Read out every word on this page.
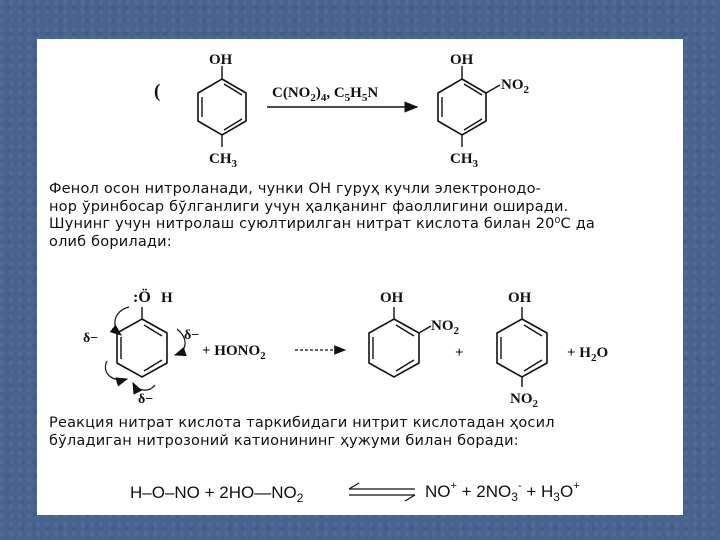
(
OH
$CH_3$
$C(NO_2)_4$, $C_5H_5N$
OH
$NO_2$
$CH_3$
:Ö H
δ−
δ−
δ−
+ $HONO_2$
OH
$NO_2$
+
OH
$NO_2$
+ $H_2O$
$H-O-NO + 2HO—NO_2$	$NO^+ + 2NO_3^- + H_3O^+$
Фенол осон нитроланади, чунки ОН гуруҳ кучли электронодо-
нор ўринбосар бўлганлиги учун ҳалқанинг фаоллигини оширади.
Шунинг учун нитролаш суюлтирилган нитрат кислота билан 20⁰С да
олиб борилади:
Реакция нитрат кислота таркибидаги нитрит кислотадан ҳосил
бўладиган нитрозоний катионининг ҳужуми билан боради:
